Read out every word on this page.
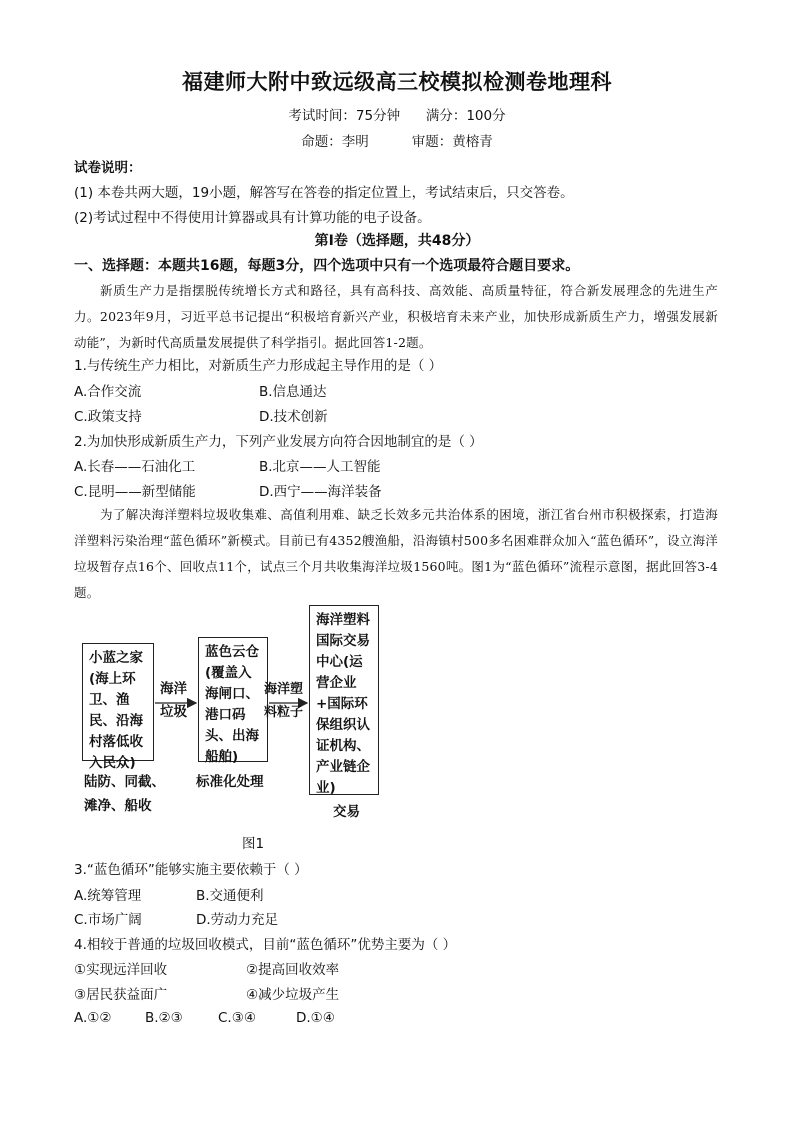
福建师大附中致远级高三校模拟检测卷地理科
考试时间：75分钟      满分：100分
命题：李明          审题：黄榕青
试卷说明：
(1) 本卷共两大题，19小题，解答写在答卷的指定位置上，考试结束后，只交答卷。
(2)考试过程中不得使用计算器或具有计算功能的电子设备。
第Ⅰ卷（选择题，共48分）
一、选择题：本题共16题，每题3分，四个选项中只有一个选项最符合题目要求。
新质生产力是指摆脱传统增长方式和路径，具有高科技、高效能、高质量特征，符合新发展理念的先进生产力。2023年9月，习近平总书记提出“积极培育新兴产业，积极培育未来产业，加快形成新质生产力，增强发展新动能”，为新时代高质量发展提供了科学指引。据此回答1-2题。
1.与传统生产力相比，对新质生产力形成起主导作用的是（ ）
A.合作交流	B.信息通达
C.政策支持	D.技术创新
2.为加快形成新质生产力，下列产业发展方向符合因地制宜的是（ ）
A.长春——石油化工	B.北京——人工智能
C.昆明——新型储能	D.西宁——海洋装备
为了解决海洋塑料垃圾收集难、高值利用难、缺乏长效多元共治体系的困境，浙江省台州市积极探索，打造海洋塑料污染治理“蓝色循环”新模式。目前已有4352艘渔船，沿海镇村500多名困难群众加入“蓝色循环”，设立海洋垃圾暂存点16个、回收点11个，试点三个月共收集海洋垃圾1560吨。图1为“蓝色循环”流程示意图，据此回答3-4题。
小蓝之家(海上环卫、渔民、沿海村落低收入民众)
蓝色云仓(覆盖入海闸口、港口码头、出海船舶)
海洋塑料国际交易中心(运营企业+国际环保组织认证机构、产业链企业)
海洋垃圾
海洋塑料粒子
陆防、同截、
滩净、船收
标准化处理
交易
图1
3.“蓝色循环”能够实施主要依赖于（ ）
A.统筹管理	B.交通便利
C.市场广阔	D.劳动力充足
4.相较于普通的垃圾回收模式，目前“蓝色循环”优势主要为（ ）
①实现远洋回收	②提高回收效率
③居民获益面广	④减少垃圾产生
A.①② B.②③	C.③④	D.①④
